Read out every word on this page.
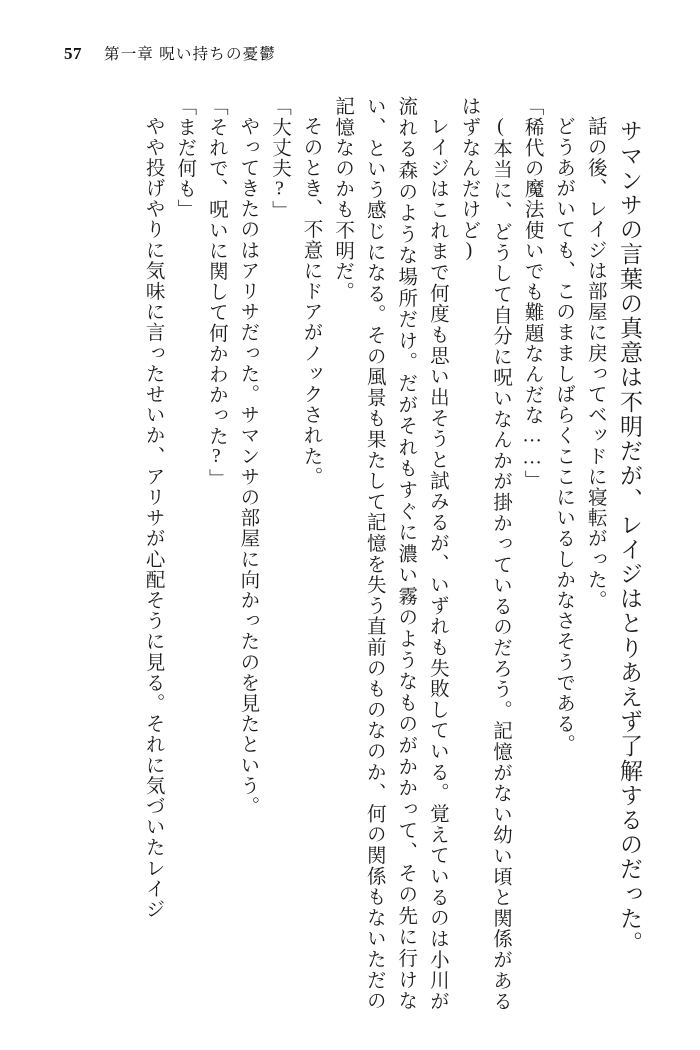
57 第一章 呪い持ちの憂鬱

サマンサの言葉の真意は不明だが、レイジはとりあえず了解するのだった。

話の後、レイジは部屋に戻ってベッドに寝転がった。

どうあがいても、このまましばらくここにいるしかなさそうである。

「稀代の魔法使いでも難題なんだな……」

(本当に、どうして自分に呪いなんかが掛かっているのだろう。記憶がない幼い頃と関係があるはずなんだけど)

レイジはこれまで何度も思い出そうと試みるが、いずれも失敗している。覚えているのは小川が流れる森のような場所だけ。だがそれもすぐに濃い霧のようなものがかかって、その先に行けない、という感じになる。その風景も果たして記憶を失う直前のものなのか、何の関係もないただの記憶なのかも不明だ。

そのとき、不意にドアがノックされた。

「大丈夫?」

やってきたのはアリサだった。サマンサの部屋に向かったのを見たという。

「それで、呪いに関して何かわかった?」

「まだ何も」

やや投げやりに気味に言ったせいか、アリサが心配そうに見る。それに気づいたレイジ
